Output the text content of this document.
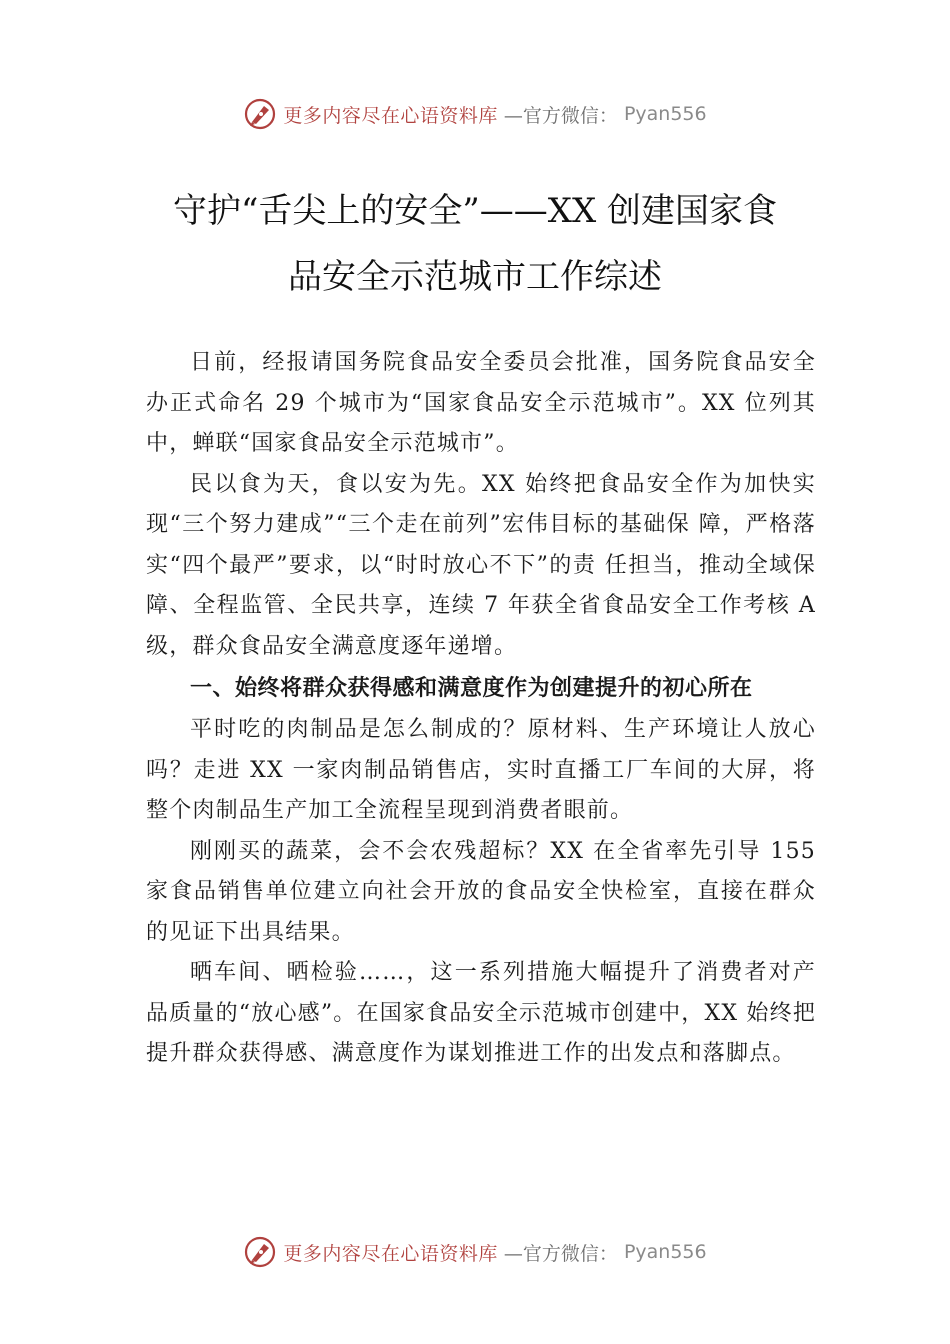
更多内容尽在心语资料库 —官方微信： Pyan556
守护“舌尖上的安全”——XX 创建国家食
品安全示范城市工作综述

日前，经报请国务院食品安全委员会批准，国务院食品安全办正式命名 29 个城市为“国家食品安全示范城市”。XX 位列其中，蝉联“国家食品安全示范城市”。

民以食为天，食以安为先。XX 始终把食品安全作为加快实现“三个努力建成”“三个走在前列”宏伟目标的基础保 障，严格落实“四个最严”要求，以“时时放心不下”的责 任担当，推动全域保障、全程监管、全民共享，连续 7 年获全省食品安全工作考核 A 级，群众食品安全满意度逐年递增。

一、始终将群众获得感和满意度作为创建提升的初心所在

平时吃的肉制品是怎么制成的？原材料、生产环境让人放心吗？走进 XX 一家肉制品销售店，实时直播工厂车间的大屏，将整个肉制品生产加工全流程呈现到消费者眼前。

刚刚买的蔬菜，会不会农残超标？XX 在全省率先引导 155 家食品销售单位建立向社会开放的食品安全快检室，直接在群众的见证下出具结果。

晒车间、晒检验……，这一系列措施大幅提升了消费者对产品质量的“放心感”。在国家食品安全示范城市创建中，XX 始终把提升群众获得感、满意度作为谋划推进工作的出发点和落脚点。

更多内容尽在心语资料库 —官方微信： Pyan556
